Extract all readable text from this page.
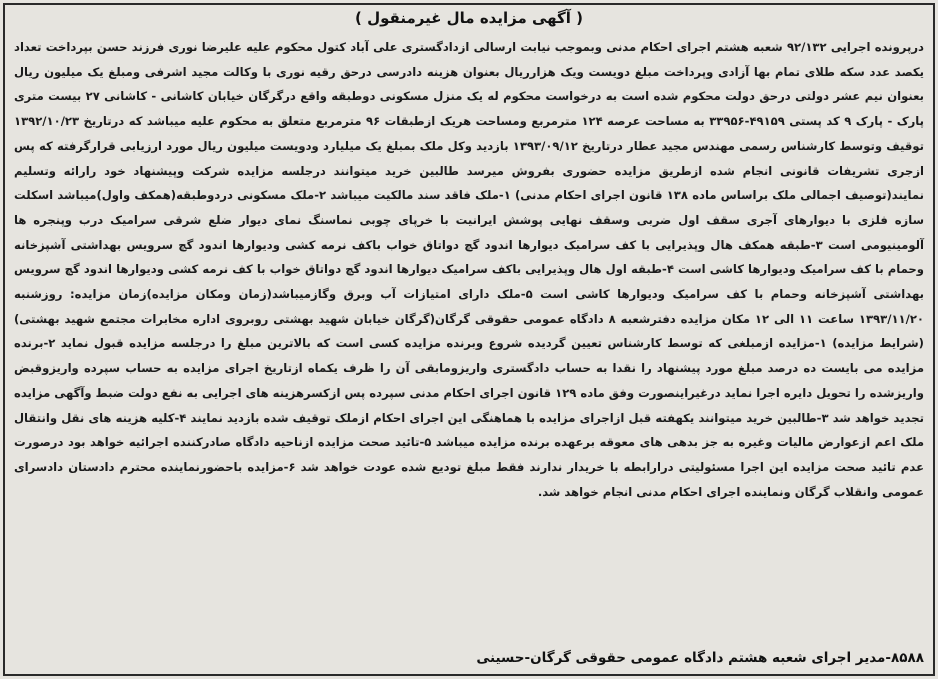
( آگهی مزایده مال غیرمنقول )
درپرونده اجرایی ۹۲/۱۳۲ شعبه هشتم اجرای احکام مدنی وبموجب نیابت ارسالی ازدادگستری علی آباد کتول محکوم علیه علیرضا نوری فرزند حسن بپرداخت تعداد یکصد عدد سکه طلای تمام بها آزادی وپرداخت مبلغ دویست ویک هزارریال بعنوان هزینه دادرسی درحق رقیه نوری با وکالت مجید اشرفی ومبلغ یک میلیون ریال بعنوان نیم عشر دولتی درحق دولت محکوم شده است به درخواست محکوم له یک منزل مسکونی دوطبقه واقع درگرگان خیابان کاشانی - کاشانی ۲۷ بیست متری پارک - پارک ۹ کد پستی ۴۹۱۵۹-۳۳۹۵۶ به مساحت عرصه ۱۲۴ مترمربع ومساحت هریک ازطبقات ۹۶ مترمربع متعلق به محکوم علیه میباشد که درتاریخ ۱۳۹۲/۱۰/۲۳ توقیف وتوسط کارشناس رسمی مهندس مجید عطار درتاریخ ۱۳۹۳/۰۹/۱۲ بازدید وکل ملک بمبلغ یک میلیارد ودویست میلیون ریال مورد ارزیابی قرارگرفته که پس ازجری تشریفات قانونی انجام شده ازطریق مزایده حضوری بفروش میرسد طالبین خرید میتوانند درجلسه مزایده شرکت وپیشنهاد خود رارائه وتسلیم نمایند(توصیف اجمالی ملک براساس ماده ۱۳۸ قانون اجرای احکام مدنی) ۱-ملک فاقد سند مالکیت میباشد ۲-ملک مسکونی دردوطبقه(همکف واول)میباشد اسکلت سازه فلزی با دیوارهای آجری سقف اول ضربی وسقف نهایی پوشش ایرانیت با خرپای چوبی نماسنگ نمای دیوار ضلع شرقی سرامیک درب وپنجره ها آلومینیومی است ۳-طبقه همکف هال وپذیرایی با کف سرامیک دیوارها اندود گچ دواتاق خواب باکف نرمه کشی ودیوارها اندود گچ سرویس بهداشتی آشپزخانه وحمام با کف سرامیک ودیوارها کاشی است ۴-طبقه اول هال وپذیرایی باکف سرامیک دیوارها اندود گچ دواتاق خواب با کف نرمه کشی ودیوارها اندود گچ سرویس بهداشتی آشپزخانه وحمام با کف سرامیک ودیوارها کاشی است ۵-ملک دارای امتیازات آب وبرق وگازمیباشد(زمان ومکان مزایده)زمان مزایده: روزشنبه ۱۳۹۳/۱۱/۲۰ ساعت ۱۱ الی ۱۲ مکان مزایده دفترشعبه ۸ دادگاه عمومی حقوقی گرگان(گرگان خیابان شهید بهشتی روبروی اداره مخابرات مجتمع شهید بهشتی)(شرایط مزایده) ۱-مزایده ازمبلغی که توسط کارشناس تعیین گردیده شروع وبرنده مزایده کسی است که بالاترین مبلغ را درجلسه مزایده قبول نماید ۲-برنده مزایده می بایست ده درصد مبلغ مورد پیشنهاد را نقدا به حساب دادگستری واریزومابقی آن را ظرف یکماه ازتاریخ اجرای مزایده به حساب سپرده واریزوقبض واریزشده را تحویل دایره اجرا نماید درغیراینصورت وفق ماده ۱۲۹ قانون اجرای احکام مدنی سپرده پس ازکسرهزینه های اجرایی به نفع دولت ضبط وآگهی مزایده تجدید خواهد شد ۳-طالبین خرید میتوانند یکهفته قبل ازاجرای مزایده با هماهنگی این اجرای احکام ازملک توقیف شده بازدید نمایند ۴-کلیه هزینه های نقل وانتقال ملک اعم ازعوارض مالیات وغیره به جز بدهی های معوقه برعهده برنده مزایده میباشد ۵-تائید صحت مزایده ازناحیه دادگاه صادرکننده اجرائیه خواهد بود درصورت عدم تائید صحت مزایده این اجرا مسئولیتی درارابطه با خریدار ندارند فقط مبلغ تودیع شده عودت خواهد شد ۶-مزایده باحضورنماینده محترم دادستان دادسرای عمومی وانقلاب گرگان ونماینده اجرای احکام مدنی انجام خواهد شد.
۸۵۸۸-مدیر اجرای شعبه هشتم دادگاه عمومی حقوقی گرگان-حسینی
